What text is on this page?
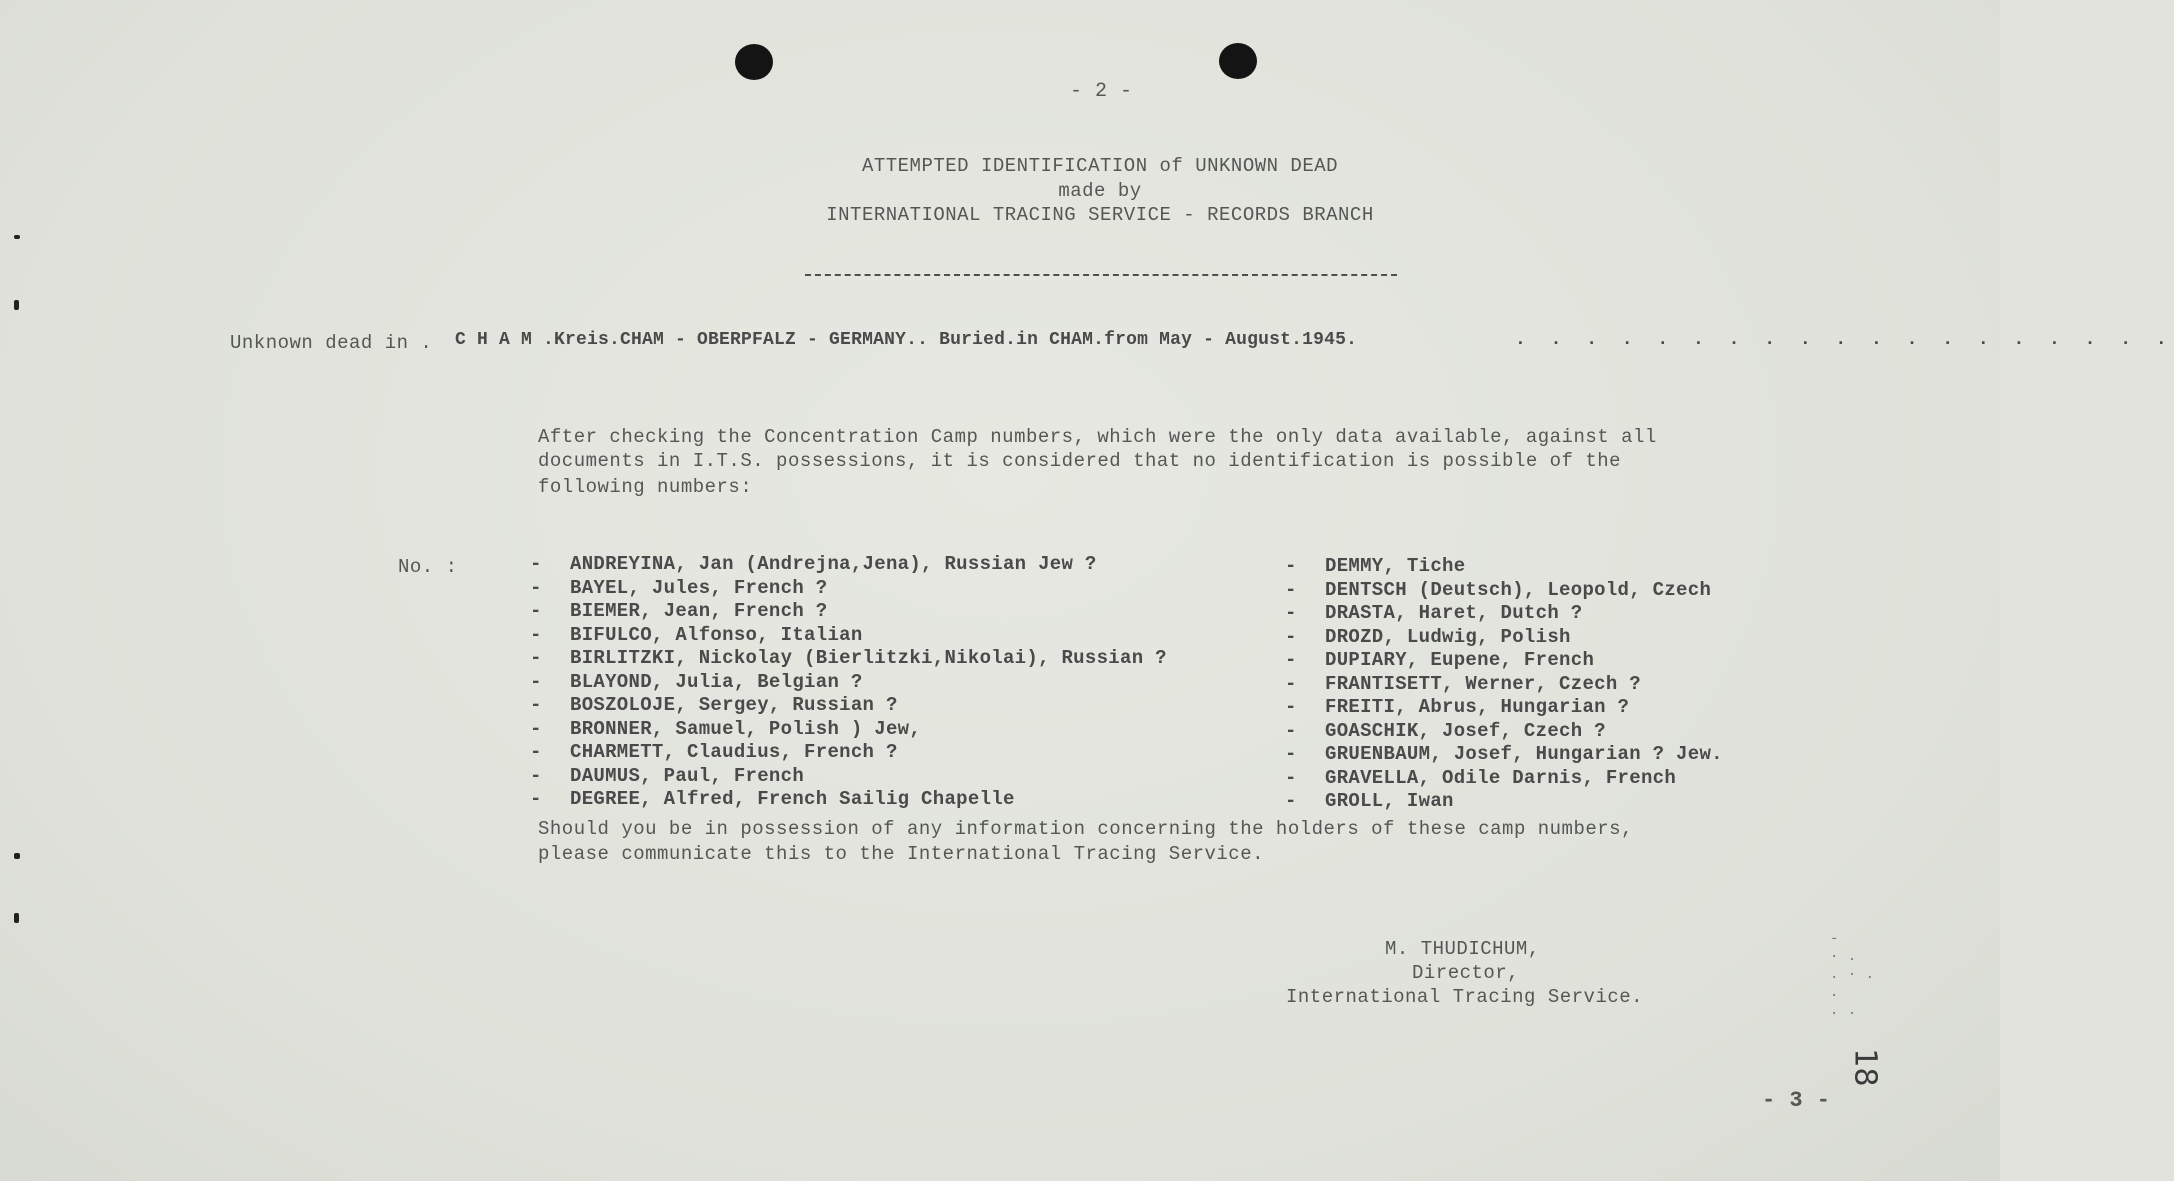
- 2 -
ATTEMPTED IDENTIFICATION of UNKNOWN DEAD
made by
INTERNATIONAL TRACING SERVICE - RECORDS BRANCH
Unknown dead in . C H A M .Kreis.CHAM - OBERPFALZ - GERMANY.. Buried.in CHAM.from May - August.1945.	. . . . . . . . . . . . . . . . . . .
After checking the Concentration Camp numbers, which were the only data available, against all
documents in I.T.S. possessions, it is considered that no identification is possible of the
following numbers:
No. :	- ANDREYINA, Jan (Andrejna,Jena), Russian Jew ?
- BAYEL, Jules, French ?
- BIEMER, Jean, French ?
- BIFULCO, Alfonso, Italian
- BIRLITZKI, Nickolay (Bierlitzki,Nikolai), Russian ?
- BLAYOND, Julia, Belgian ?
- BOSZOLOJE, Sergey, Russian ?
- BRONNER, Samuel, Polish ) Jew,
- CHARMETT, Claudius, French ?
- DAUMUS, Paul, French
- DEGREE, Alfred, French Sailig Chapelle
- DEMMY, Tiche
- DENTSCH (Deutsch), Leopold, Czech
- DRASTA, Haret, Dutch ?
- DROZD, Ludwig, Polish
- DUPIARY, Eupene, French
- FRANTISETT, Werner, Czech ?
- FREITI, Abrus, Hungarian ?
- GOASCHIK, Josef, Czech ?
- GRUENBAUM, Josef, Hungarian ? Jew.
- GRAVELLA, Odile Darnis, French
- GROLL, Iwan
Should you be in possession of any information concerning the holders of these camp numbers,
please communicate this to the International Tracing Service.
M. THUDICHUM,
Director,
International Tracing Service.
- 3 -
18
-
· .
. · .
.
. .
